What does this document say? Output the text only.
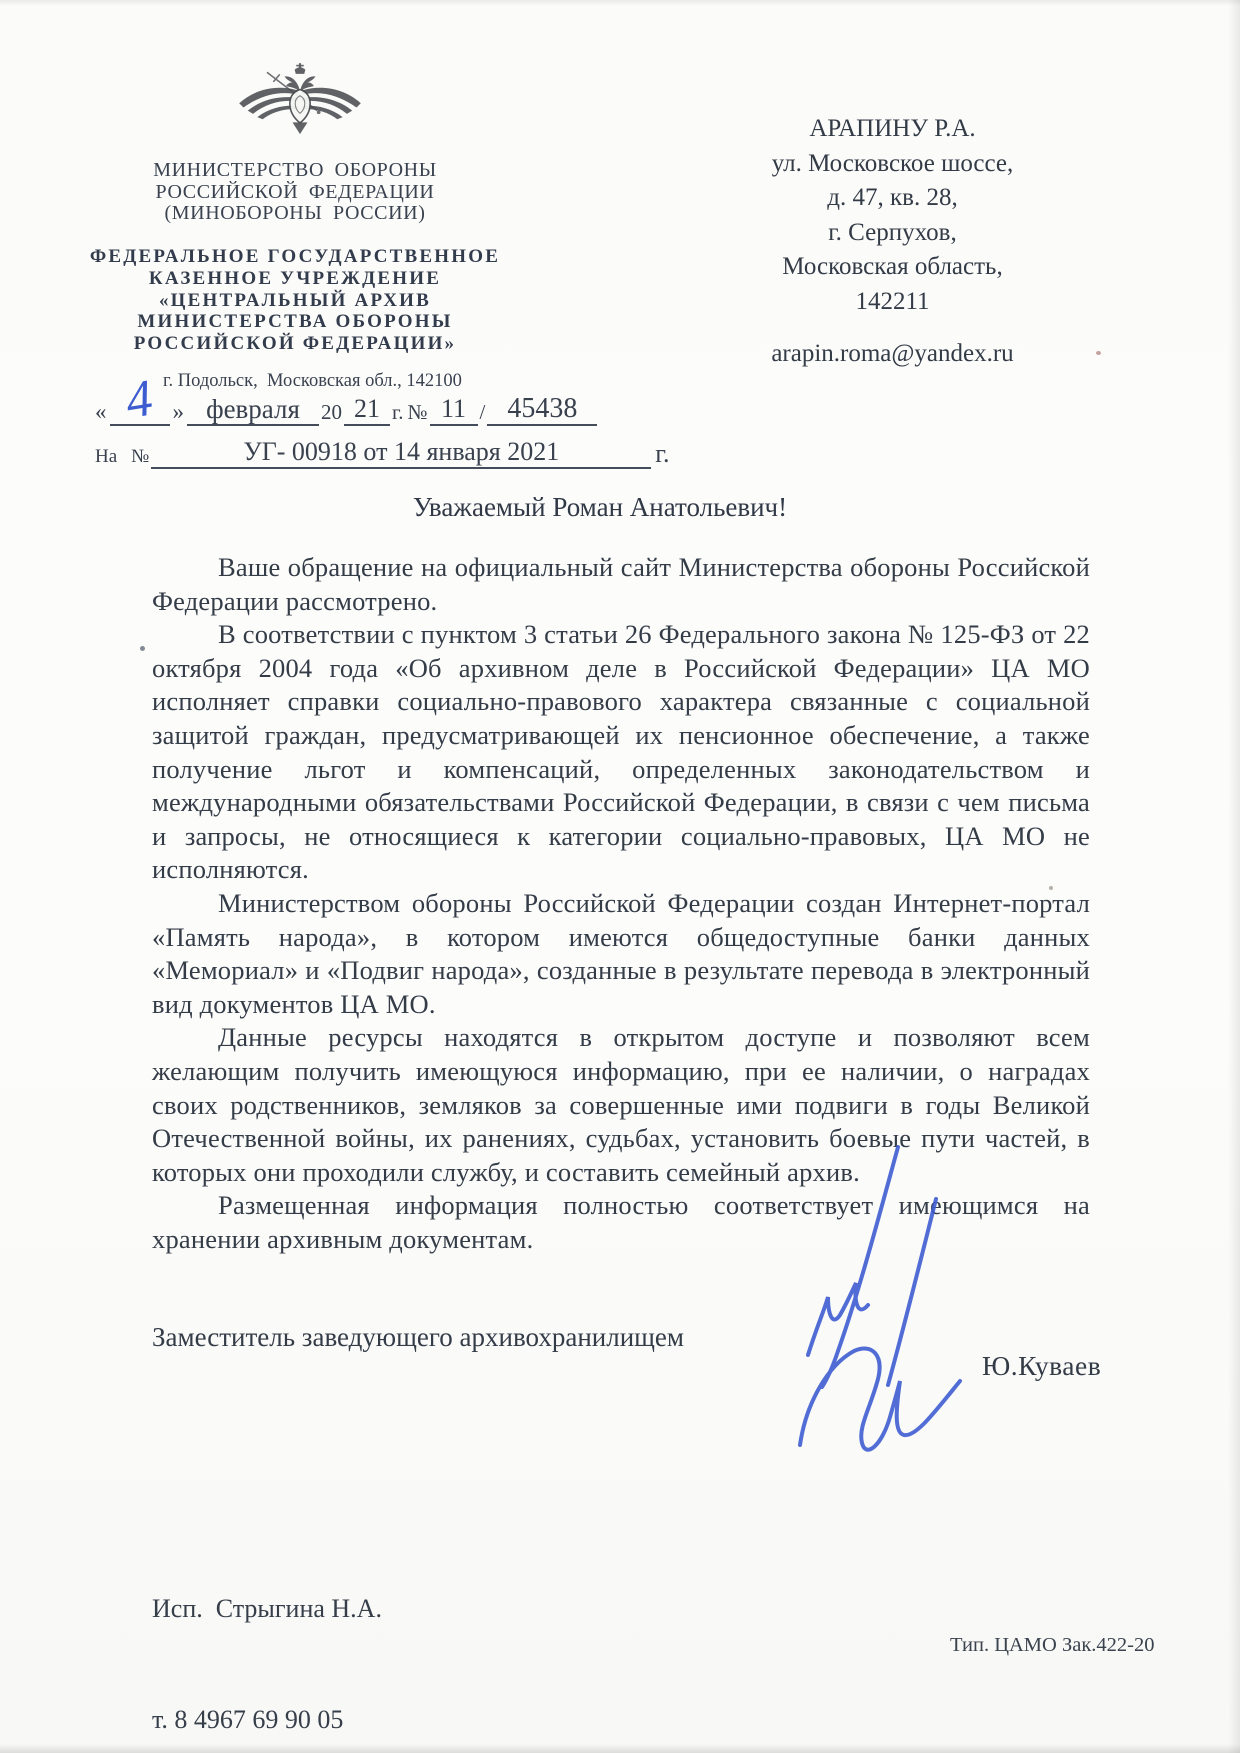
МИНИСТЕРСТВО ОБОРОНЫ
РОССИЙСКОЙ ФЕДЕРАЦИИ
(МИНОБОРОНЫ РОССИИ)
ФЕДЕРАЛЬНОЕ ГОСУДАРСТВЕННОЕ
КАЗЕННОЕ УЧРЕЖДЕНИЕ
«ЦЕНТРАЛЬНЫЙ АРХИВ
МИНИСТЕРСТВА ОБОРОНЫ
РОССИЙСКОЙ ФЕДЕРАЦИИ»
г. Подольск,  Московская обл., 142100
« 4 » февраля	20 21 г. № 11 / 45438
На №	УГ- 00918 от 14 января 2021	г.
АРАПИНУ Р.А.
ул. Московское шоссе,
д. 47, кв. 28,
г. Серпухов,
Московская область,
142211
arapin.roma@yandex.ru
Уважаемый Роман Анатольевич!

Ваше обращение на официальный сайт Министерства обороны Российской Федерации рассмотрено.

В соответствии с пунктом 3 статьи 26 Федерального закона № 125-ФЗ от 22 октября 2004 года «Об архивном деле в Российской Федерации» ЦА МО исполняет справки социально-правового характера связанные с социальной защитой граждан, предусматривающей их пенсионное обеспечение, а также получение льгот и компенсаций, определенных законодательством и международными обязательствами Российской Федерации, в связи с чем письма и запросы, не относящиеся к категории социально-правовых, ЦА МО не исполняются.

Министерством обороны Российской Федерации создан Интернет-портал «Память народа», в котором имеются общедоступные банки данных «Мемориал» и «Подвиг народа», созданные в результате перевода в электронный вид документов ЦА МО.

Данные ресурсы находятся в открытом доступе и позволяют всем желающим получить имеющуюся информацию, при ее наличии, о наградах своих родственников, земляков за совершенные ими подвиги в годы Великой Отечественной войны, их ранениях, судьбах, установить боевые пути частей, в которых они проходили службу, и составить семейный архив.

Размещенная информация полностью соответствует имеющимся на хранении архивным документам.

Заместитель заведующего архивохранилищем
Ю.Куваев

Исп.  Стрыгина Н.А.

т. 8 4967 69 90 05

Тип. ЦАМО Зак.422-20
